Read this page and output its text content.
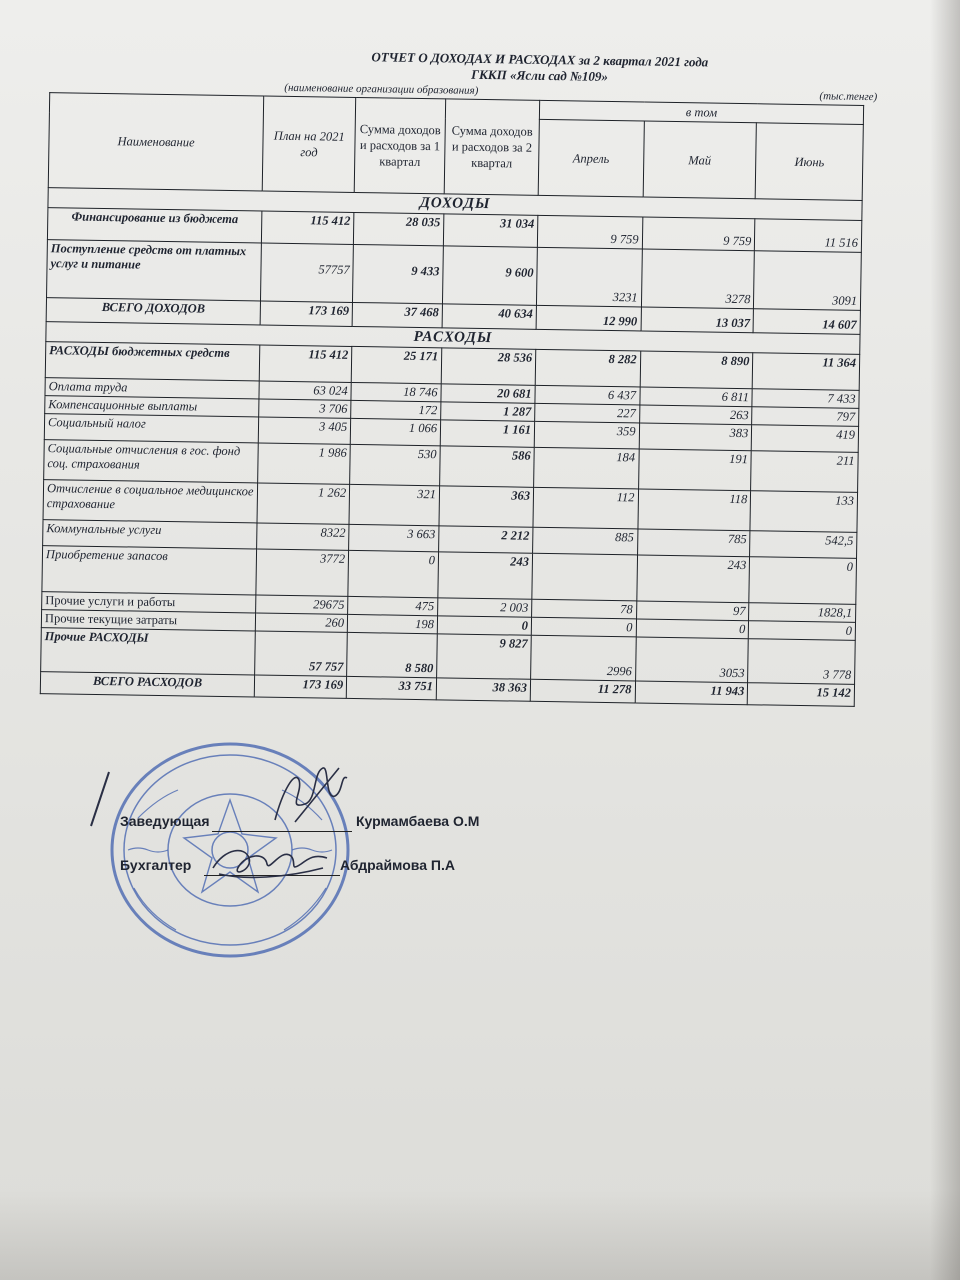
ОТЧЕТ О ДОХОДАХ И РАСХОДАХ за 2 квартал 2021 года
ГККП «Ясли сад №109»
(наименование организации образования)	(тыс.тенге)
Наименование	План на 2021 год	Сумма доходов и расходов за 1 квартал	Сумма доходов и расходов за 2 квартал	в том		
				Апрель	Май	Июнь
ДОХОДЫ						
Финансирование из бюджета	115 412	28 035	31 034	9 759	9 759	11 516
Поступление средств от платных услуг и питание	57757	9 433	9 600	3231	3278	3091
ВСЕГО ДОХОДОВ	173 169	37 468	40 634	12 990	13 037	14 607
РАСХОДЫ						
РАСХОДЫ бюджетных средств	115 412	25 171	28 536	8 282	8 890	11 364
Оплата труда	63 024	18 746	20 681	6 437	6 811	7 433
Компенсационные выплаты	3 706	172	1 287	227	263	797
Социальный налог	3 405	1 066	1 161	359	383	419
Социальные отчисления в гос. фонд соц. страхования	1 986	530	586	184	191	211
Отчисление в социальное медицинское страхование	1 262	321	363	112	118	133
Коммунальные услуги	8322	3 663	2 212	885	785	542,5
Приобретение запасов	3772	0	243		243	0
Прочие услуги и работы	29675	475	2 003	78	97	1828,1
Прочие текущие затраты	260	198	0	0	0	0
Прочие РАСХОДЫ	57 757	8 580	9 827	2996	3053	3 778
ВСЕГО РАСХОДОВ	173 169	33 751	38 363	11 278	11 943	15 142
Заведующая	Курмамбаева О.М
Бухгалтер	Абдраймова П.А
